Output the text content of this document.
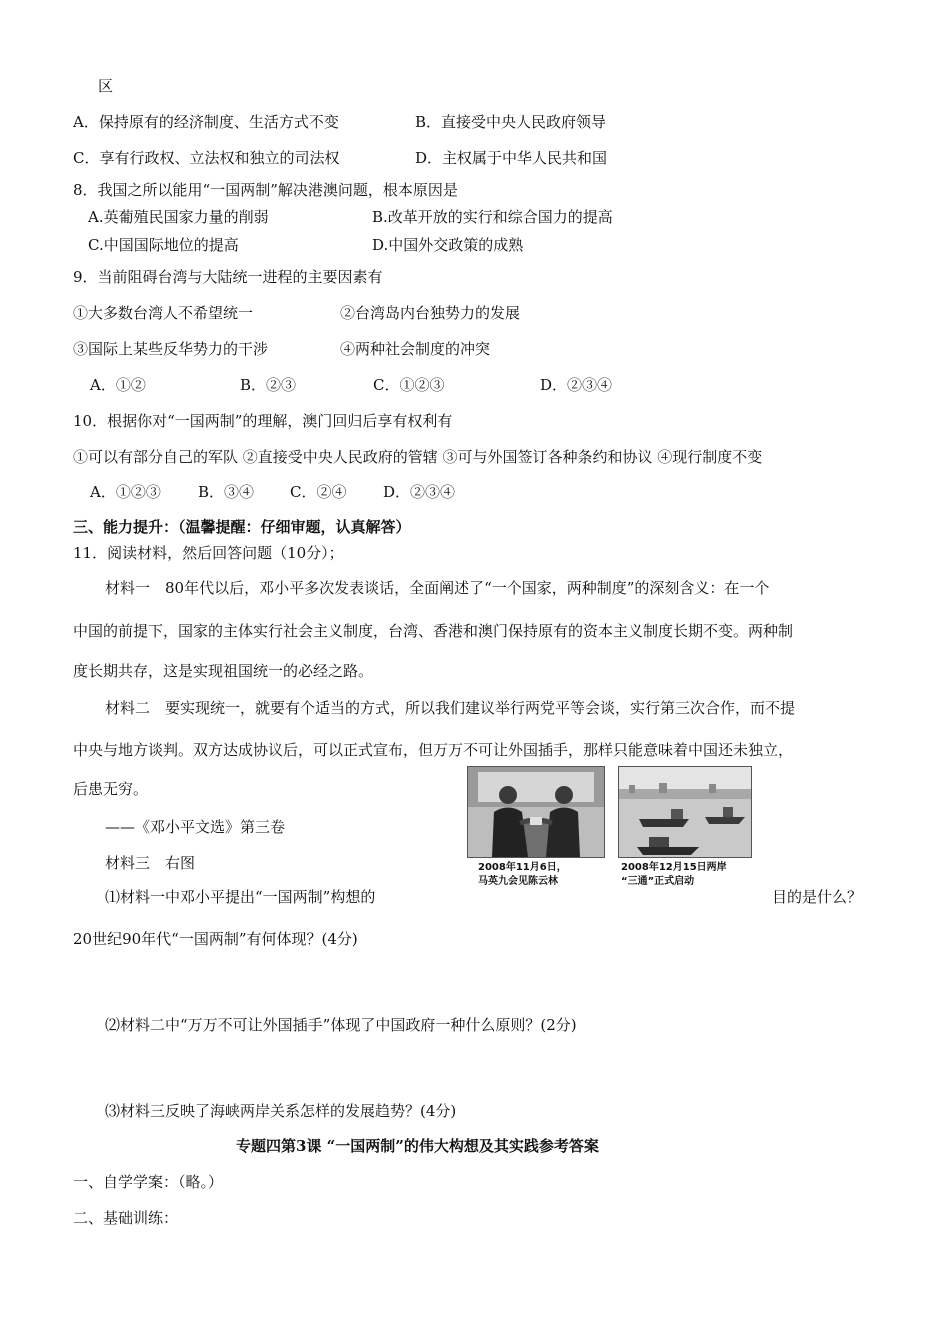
区
A．保持原有的经济制度、生活方式不变	B．直接受中央人民政府领导
C．享有行政权、立法权和独立的司法权	D．主权属于中华人民共和国
8．我国之所以能用“一国两制”解决港澳问题，根本原因是
A.英葡殖民国家力量的削弱	B.改革开放的实行和综合国力的提高
C.中国国际地位的提高	D.中国外交政策的成熟
9．当前阻碍台湾与大陆统一进程的主要因素有
①大多数台湾人不希望统一	②台湾岛内台独势力的发展
③国际上某些反华势力的干涉	④两种社会制度的冲突
A．①②	B．②③	C．①②③	D．②③④
10．根据你对“一国两制”的理解，澳门回归后享有权利有
①可以有部分自己的军队 ②直接受中央人民政府的管辖 ③可与外国签订各种条约和协议 ④现行制度不变
A．①②③ B．③④ C．②④ D．②③④
三、能力提升：（温馨提醒：仔细审题，认真解答）
11．阅读材料，然后回答问题（10分）；
材料一　80年代以后，邓小平多次发表谈话，全面阐述了“一个国家，两种制度”的深刻含义：在一个
中国的前提下，国家的主体实行社会主义制度，台湾、香港和澳门保持原有的资本主义制度长期不变。两种制
度长期共存，这是实现祖国统一的必经之路。
材料二　要实现统一，就要有个适当的方式，所以我们建议举行两党平等会谈，实行第三次合作，而不提
中央与地方谈判。双方达成协议后，可以正式宣布，但万万不可让外国插手，那样只能意味着中国还未独立，
后患无穷。
——《邓小平文选》第三卷
材料三　右图	2008年11月6日，
马英九会见陈云林
2008年12月15日两岸
“三通”正式启动
⑴材料一中邓小平提出“一国两制”构想的	目的是什么？
20世纪90年代“一国两制”有何体现？(4分)
⑵材料二中“万万不可让外国插手”体现了中国政府一种什么原则？(2分)
⑶材料三反映了海峡两岸关系怎样的发展趋势？(4分)
专题四第3课 “一国两制”的伟大构想及其实践参考答案
一、自学学案：（略。）
二、基础训练：
